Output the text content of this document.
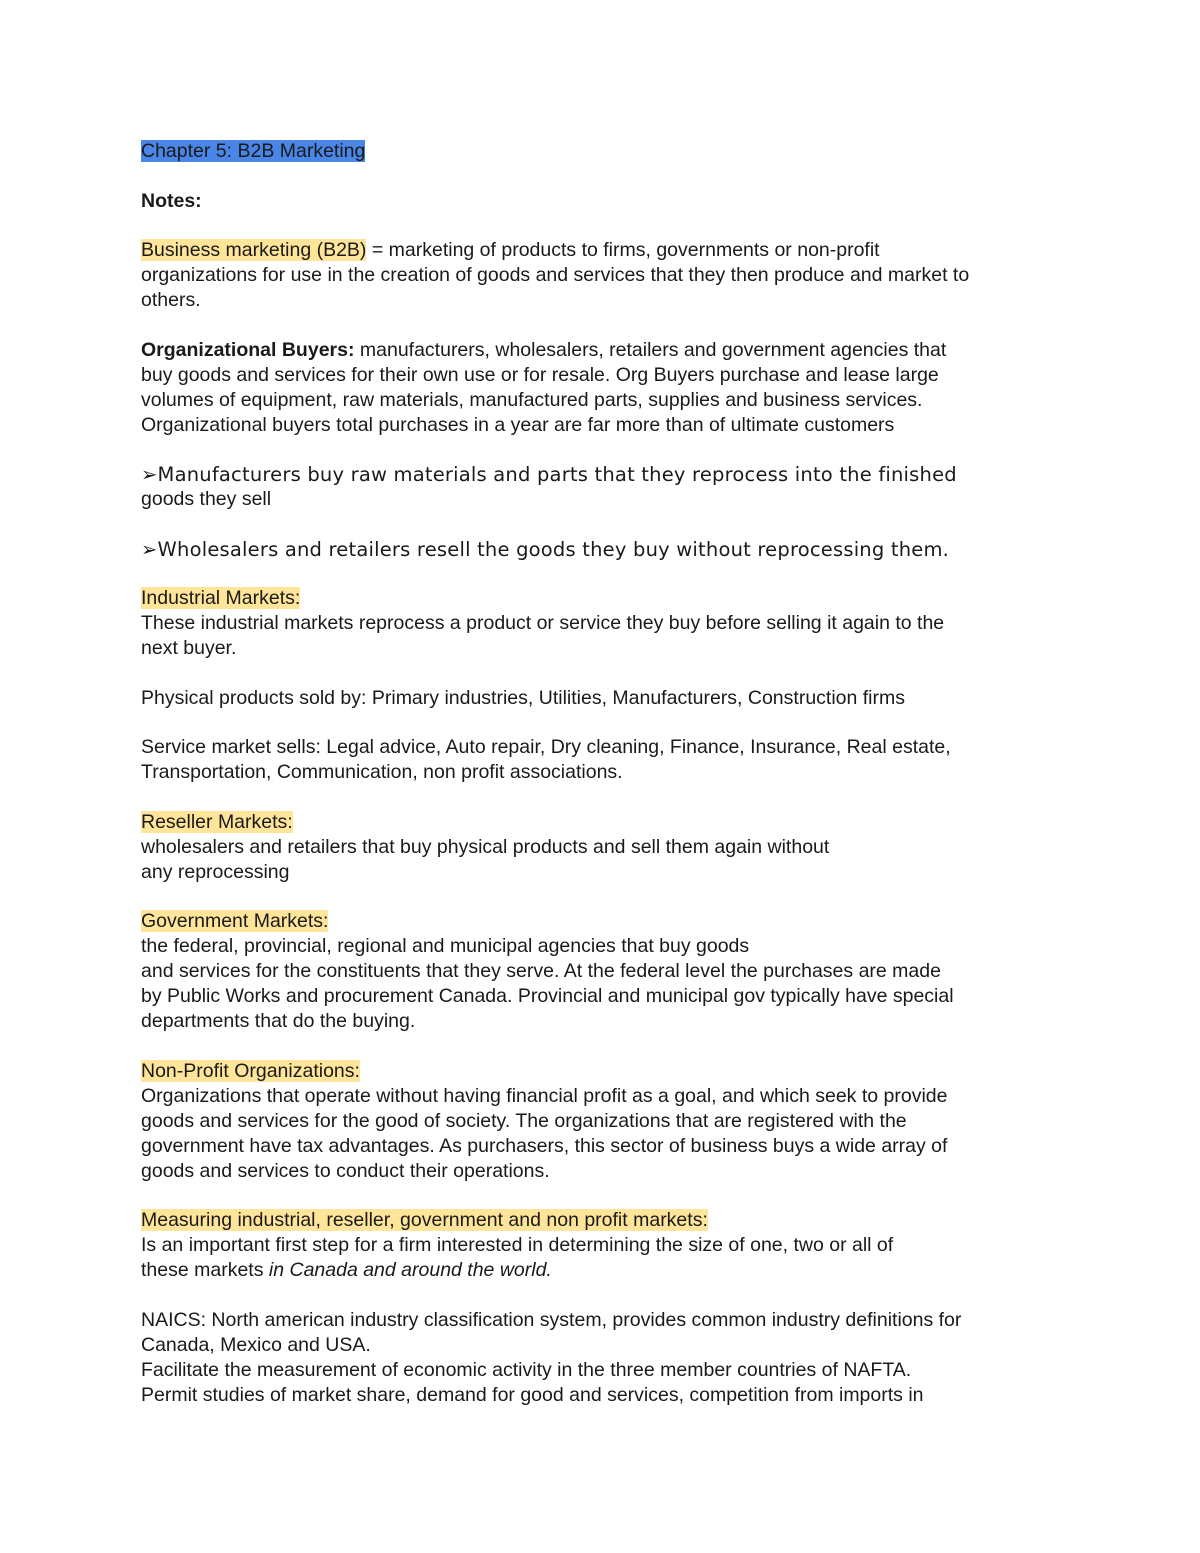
Chapter 5: B2B Marketing
Notes:
Business marketing (B2B) = marketing of products to firms, governments or non-profit
organizations for use in the creation of goods and services that they then produce and market to
others.
Organizational Buyers: manufacturers, wholesalers, retailers and government agencies that
buy goods and services for their own use or for resale. Org Buyers purchase and lease large
volumes of equipment, raw materials, manufactured parts, supplies and business services.
Organizational buyers total purchases in a year are far more than of ultimate customers
➢Manufacturers buy raw materials and parts that they reprocess into the finished
goods they sell
➢Wholesalers and retailers resell the goods they buy without reprocessing them.
Industrial Markets:
These industrial markets reprocess a product or service they buy before selling it again to the
next buyer.
Physical products sold by: Primary industries, Utilities, Manufacturers, Construction firms
Service market sells: Legal advice, Auto repair, Dry cleaning, Finance, Insurance, Real estate,
Transportation, Communication, non profit associations.
Reseller Markets:
wholesalers and retailers that buy physical products and sell them again without
any reprocessing
Government Markets:
the federal, provincial, regional and municipal agencies that buy goods
and services for the constituents that they serve. At the federal level the purchases are made
by Public Works and procurement Canada. Provincial and municipal gov typically have special
departments that do the buying.
Non-Profit Organizations:
Organizations that operate without having financial profit as a goal, and which seek to provide
goods and services for the good of society. The organizations that are registered with the
government have tax advantages. As purchasers, this sector of business buys a wide array of
goods and services to conduct their operations.
Measuring industrial, reseller, government and non profit markets:
Is an important first step for a firm interested in determining the size of one, two or all of
these markets in Canada and around the world.
NAICS: North american industry classification system, provides common industry definitions for
Canada, Mexico and USA.
Facilitate the measurement of economic activity in the three member countries of NAFTA.
Permit studies of market share, demand for good and services, competition from imports in
